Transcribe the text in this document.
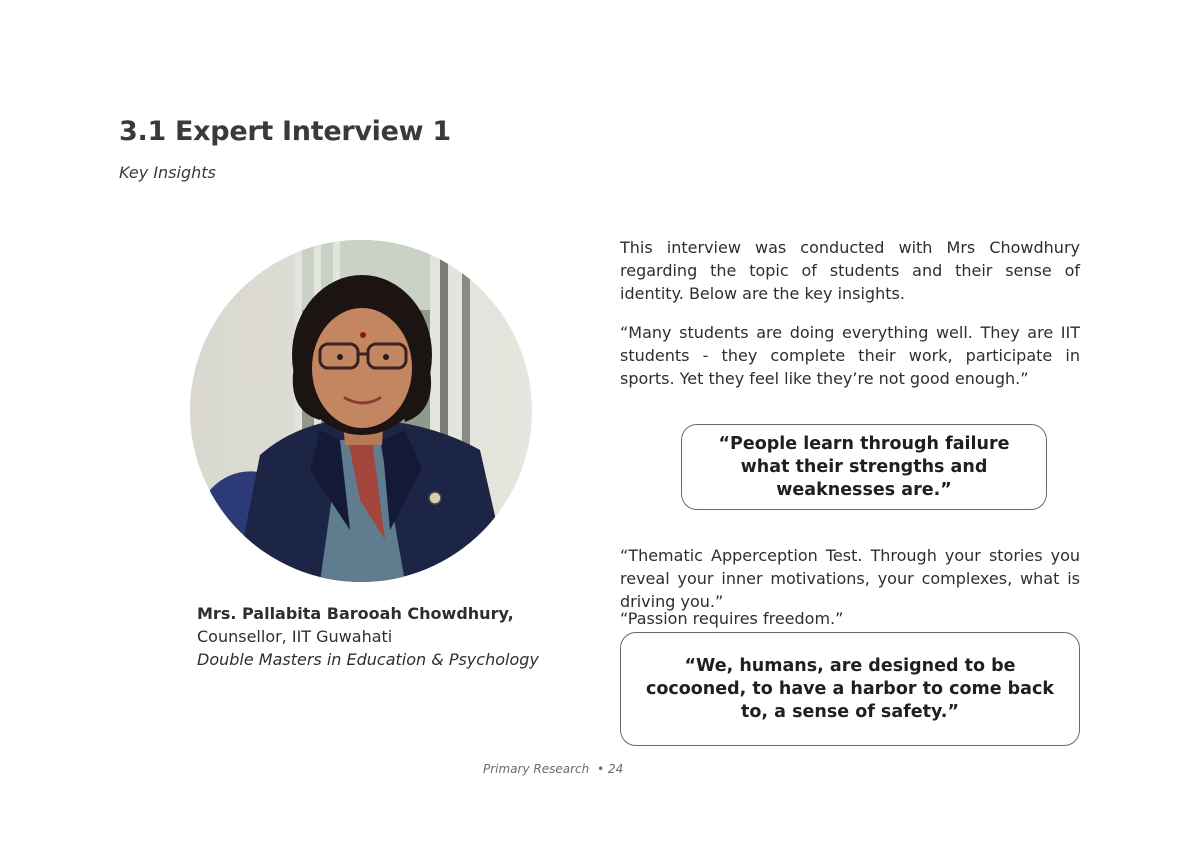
3.1 Expert Interview 1
Key Insights
Mrs. Pallabita Barooah Chowdhury,
Counsellor, IIT Guwahati
Double Masters in Education & Psychology

This interview was conducted with Mrs Chowdhury regarding the topic of students and their sense of identity. Below are the key insights.

“Many students are doing everything well. They are IIT students - they complete their work, participate in sports. Yet they feel like they’re not good enough.”

“People learn through failure what their strengths and weaknesses are.”

“Thematic Apperception Test. Through your stories you reveal your inner motivations, your complexes, what is driving you.”

“Passion requires freedom.”

“We, humans, are designed to be cocooned, to have a harbor to come back to, a sense of safety.”
Primary Research • 24
